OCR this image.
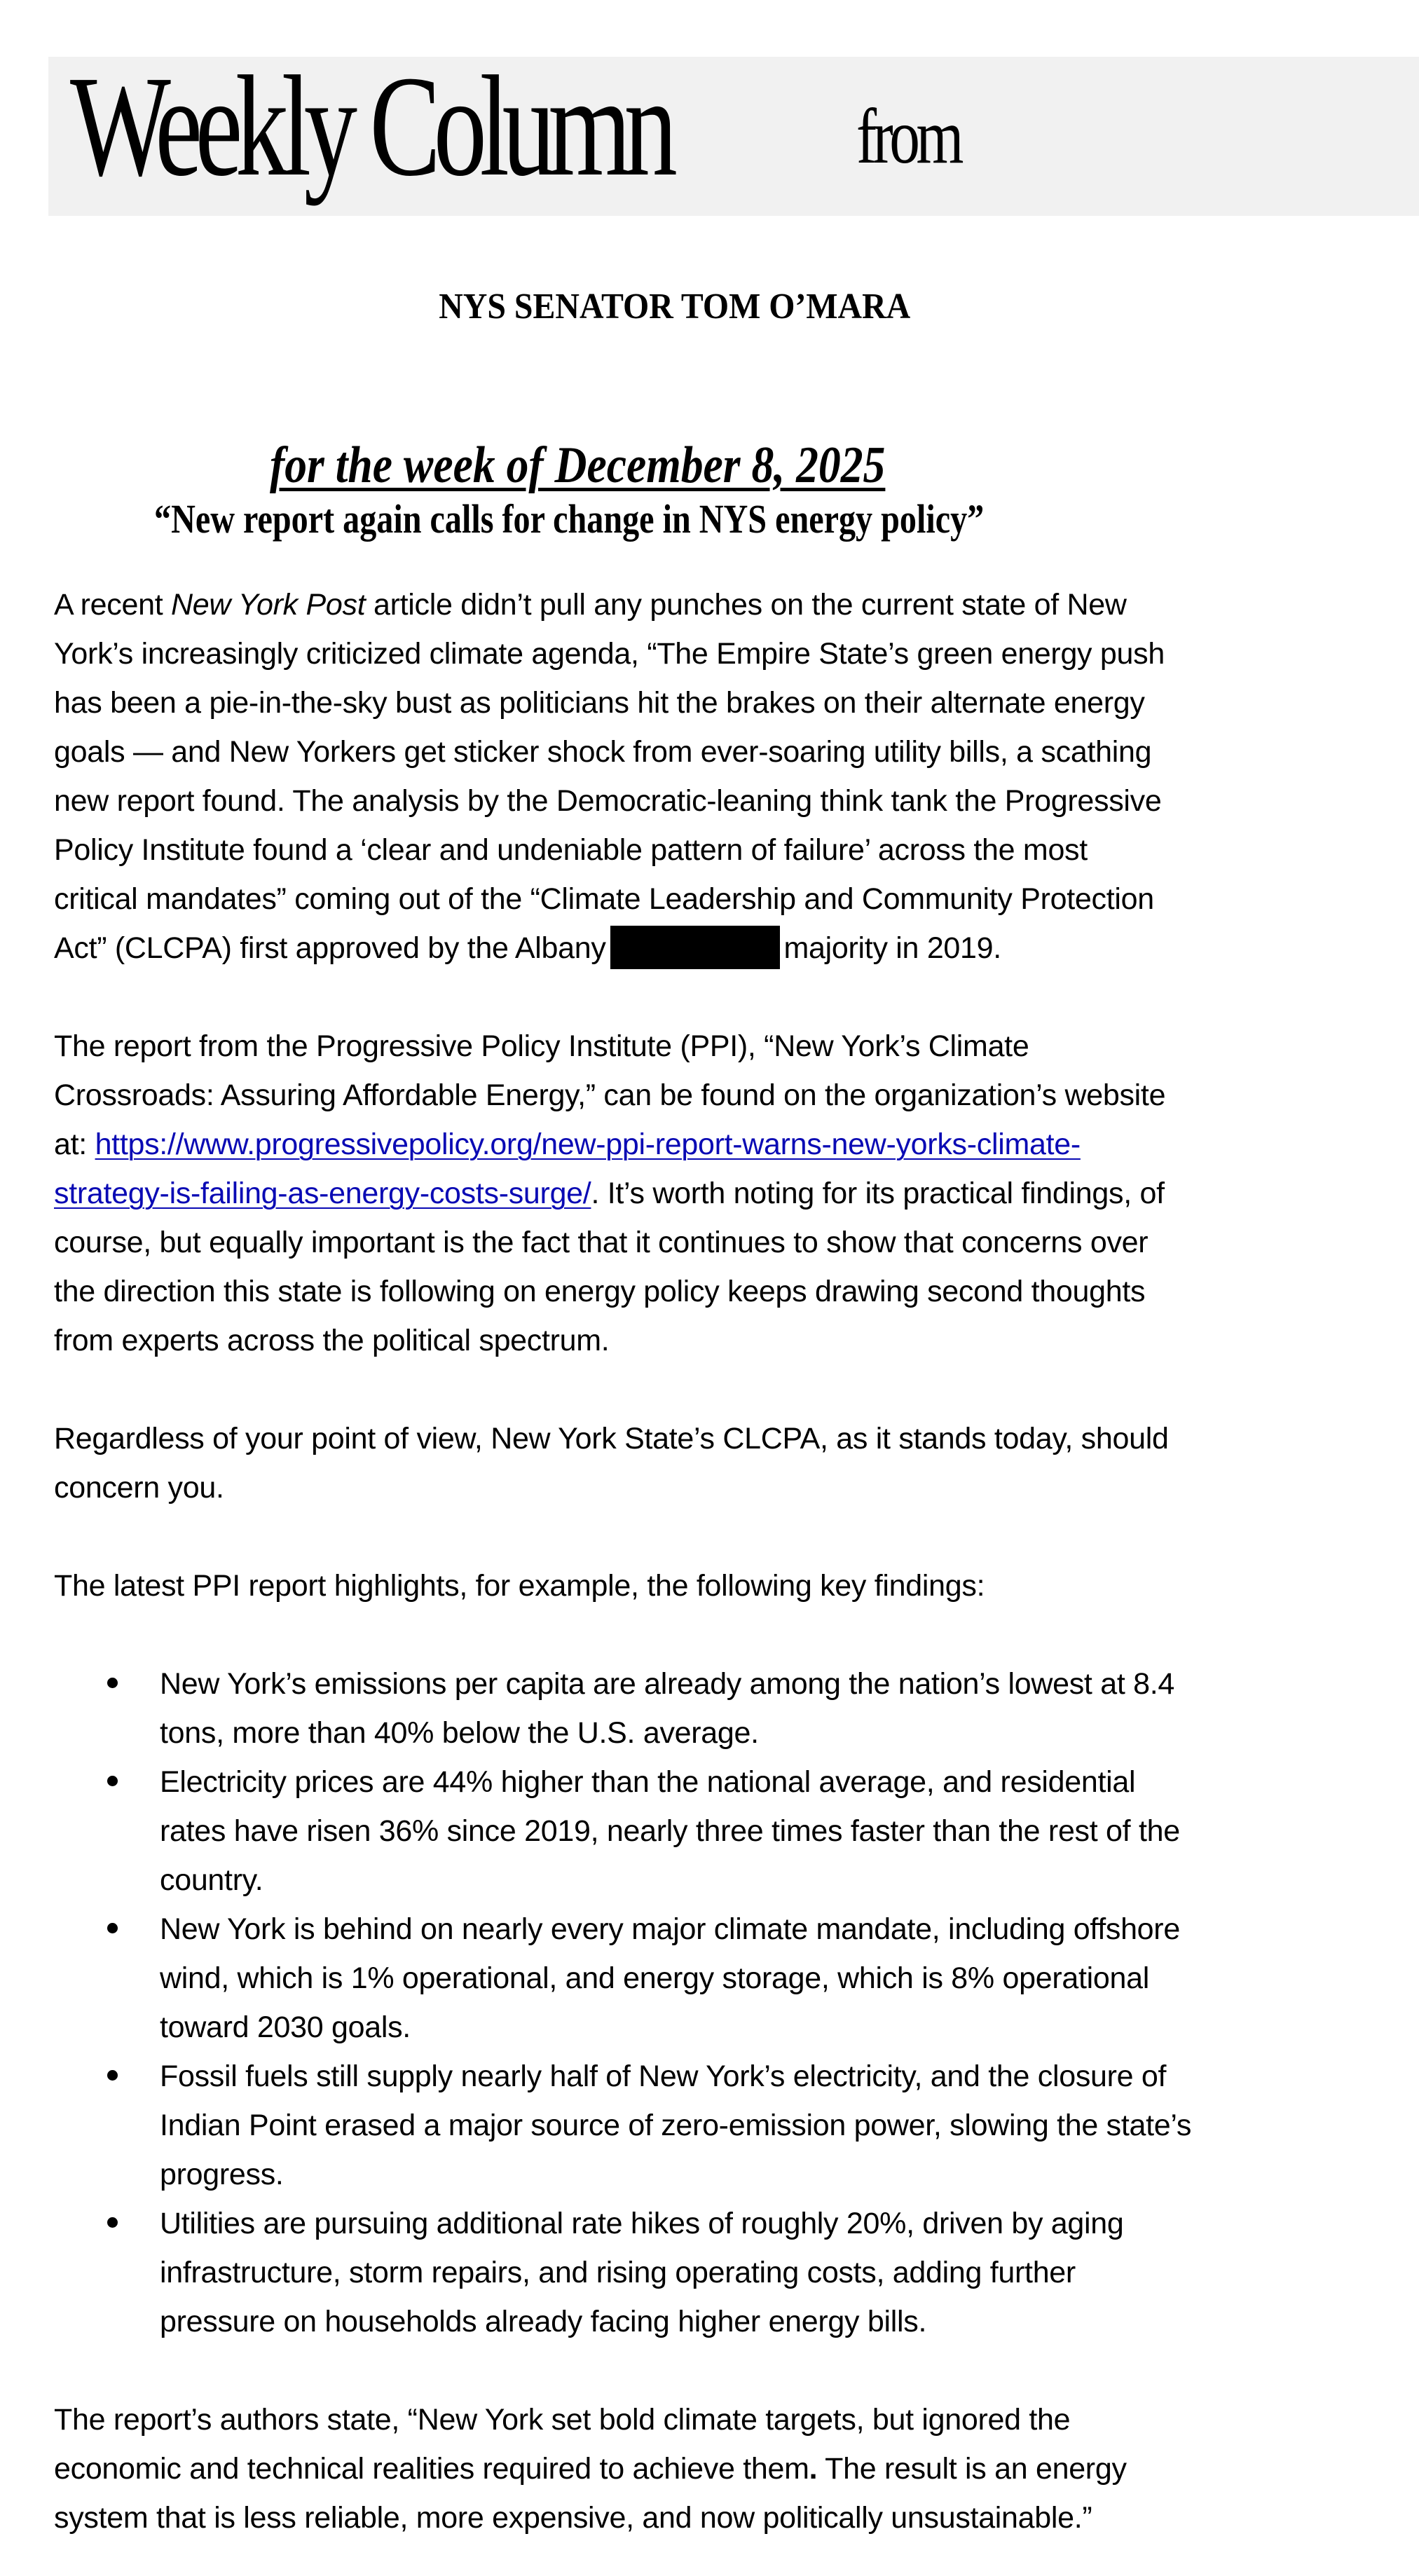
Weekly Column	from
NYS SENATOR TOM O’MARA
for the week of December 8, 2025
“New report again calls for change in NYS energy policy”
A recent New York Post article didn’t pull any punches on the current state of New
York’s increasingly criticized climate agenda, “The Empire State’s green energy push
has been a pie-in-the-sky bust as politicians hit the brakes on their alternate energy
goals — and New Yorkers get sticker shock from ever-soaring utility bills, a scathing
new report found. The analysis by the Democratic-leaning think tank the Progressive
Policy Institute found a ‘clear and undeniable pattern of failure’ across the most
critical mandates” coming out of the “Climate Leadership and Community Protection
Act” (CLCPA) first approved by the Albany	majority in 2019.
The report from the Progressive Policy Institute (PPI), “New York’s Climate
Crossroads: Assuring Affordable Energy,” can be found on the organization’s website
at: https://www.progressivepolicy.org/new-ppi-report-warns-new-yorks-climate-
strategy-is-failing-as-energy-costs-surge/. It’s worth noting for its practical findings, of
course, but equally important is the fact that it continues to show that concerns over
the direction this state is following on energy policy keeps drawing second thoughts
from experts across the political spectrum.
Regardless of your point of view, New York State’s CLCPA, as it stands today, should
concern you.
The latest PPI report highlights, for example, the following key findings:
New York’s emissions per capita are already among the nation’s lowest at 8.4
tons, more than 40% below the U.S. average.
Electricity prices are 44% higher than the national average, and residential
rates have risen 36% since 2019, nearly three times faster than the rest of the
country.
New York is behind on nearly every major climate mandate, including offshore
wind, which is 1% operational, and energy storage, which is 8% operational
toward 2030 goals.
Fossil fuels still supply nearly half of New York’s electricity, and the closure of
Indian Point erased a major source of zero-emission power, slowing the state’s
progress.
Utilities are pursuing additional rate hikes of roughly 20%, driven by aging
infrastructure, storm repairs, and rising operating costs, adding further
pressure on households already facing higher energy bills.
The report’s authors state, “New York set bold climate targets, but ignored the
economic and technical realities required to achieve them. The result is an energy
system that is less reliable, more expensive, and now politically unsustainable.”
